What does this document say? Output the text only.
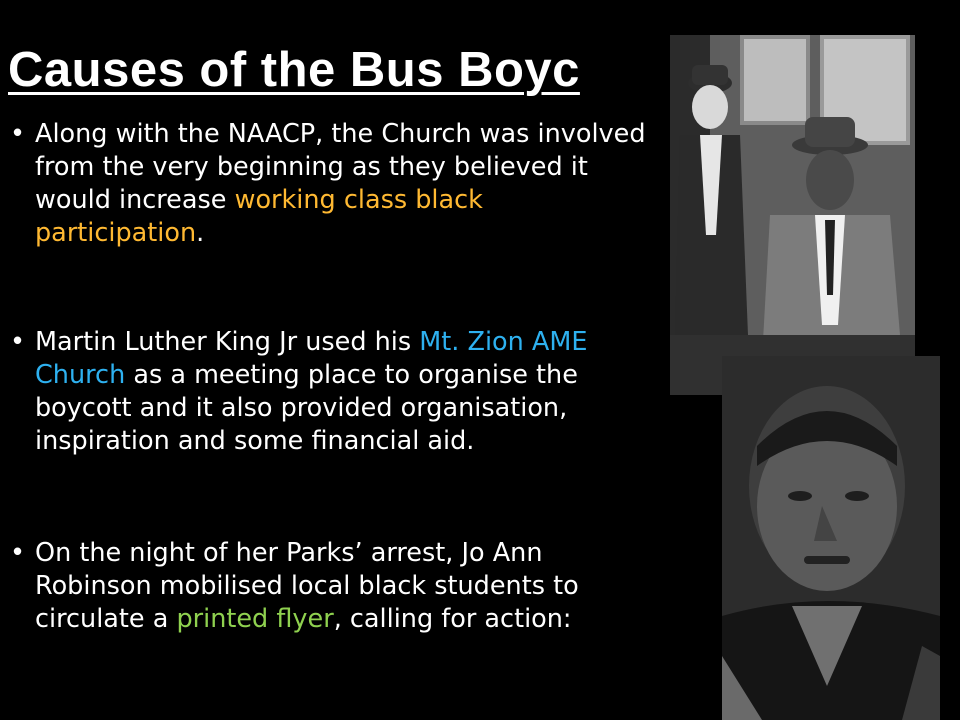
Causes of the Bus Boyc
• Along with the NAACP, the Church was involved from the very beginning as they believed it would increase working class black participation.
• Martin Luther King Jr used his Mt. Zion AME Church as a meeting place to organise the boycott and it also provided organisation, inspiration and some financial aid.
• On the night of her Parks’ arrest, Jo Ann Robinson mobilised local black students to circulate a printed flyer, calling for action:
